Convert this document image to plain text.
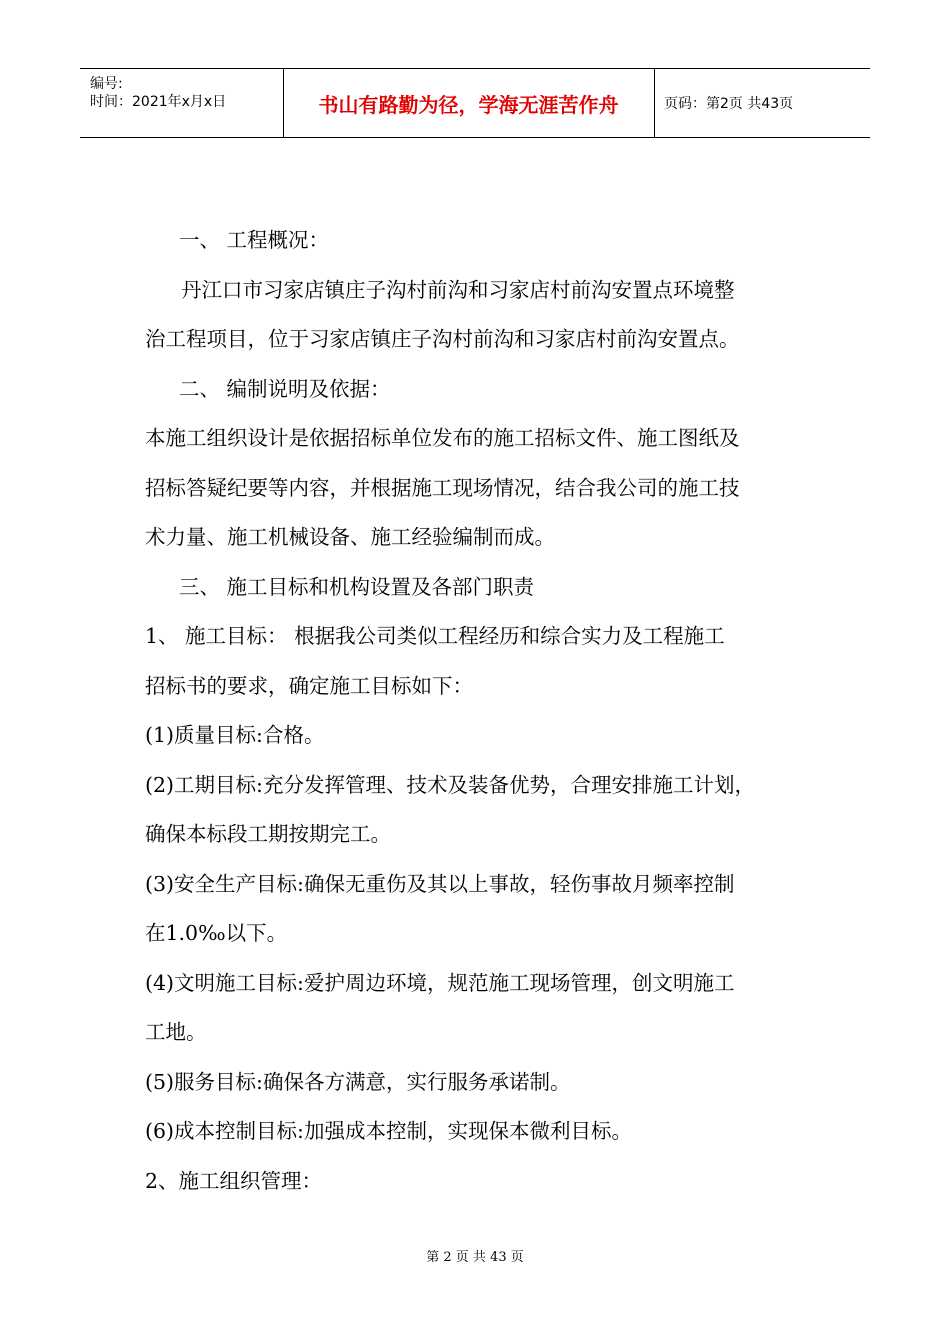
编号:
时间：2021年x月x日	书山有路勤为径，学海无涯苦作舟	页码：第2页 共43页
一、 工程概况：
丹江口市习家店镇庄子沟村前沟和习家店村前沟安置点环境整
治工程项目，位于习家店镇庄子沟村前沟和习家店村前沟安置点。
二、 编制说明及依据：
本施工组织设计是依据招标单位发布的施工招标文件、施工图纸及
招标答疑纪要等内容，并根据施工现场情况，结合我公司的施工技
术力量、施工机械设备、施工经验编制而成。
三、 施工目标和机构设置及各部门职责
1、 施工目标： 根据我公司类似工程经历和综合实力及工程施工
招标书的要求，确定施工目标如下：
(1)质量目标:合格。
(2)工期目标:充分发挥管理、技术及装备优势，合理安排施工计划，
确保本标段工期按期完工。
(3)安全生产目标:确保无重伤及其以上事故，轻伤事故月频率控制
在1.0‰以下。
(4)文明施工目标:爱护周边环境，规范施工现场管理，创文明施工
工地。
(5)服务目标:确保各方满意，实行服务承诺制。
(6)成本控制目标:加强成本控制，实现保本微利目标。
2、施工组织管理：
第 2 页 共 43 页
